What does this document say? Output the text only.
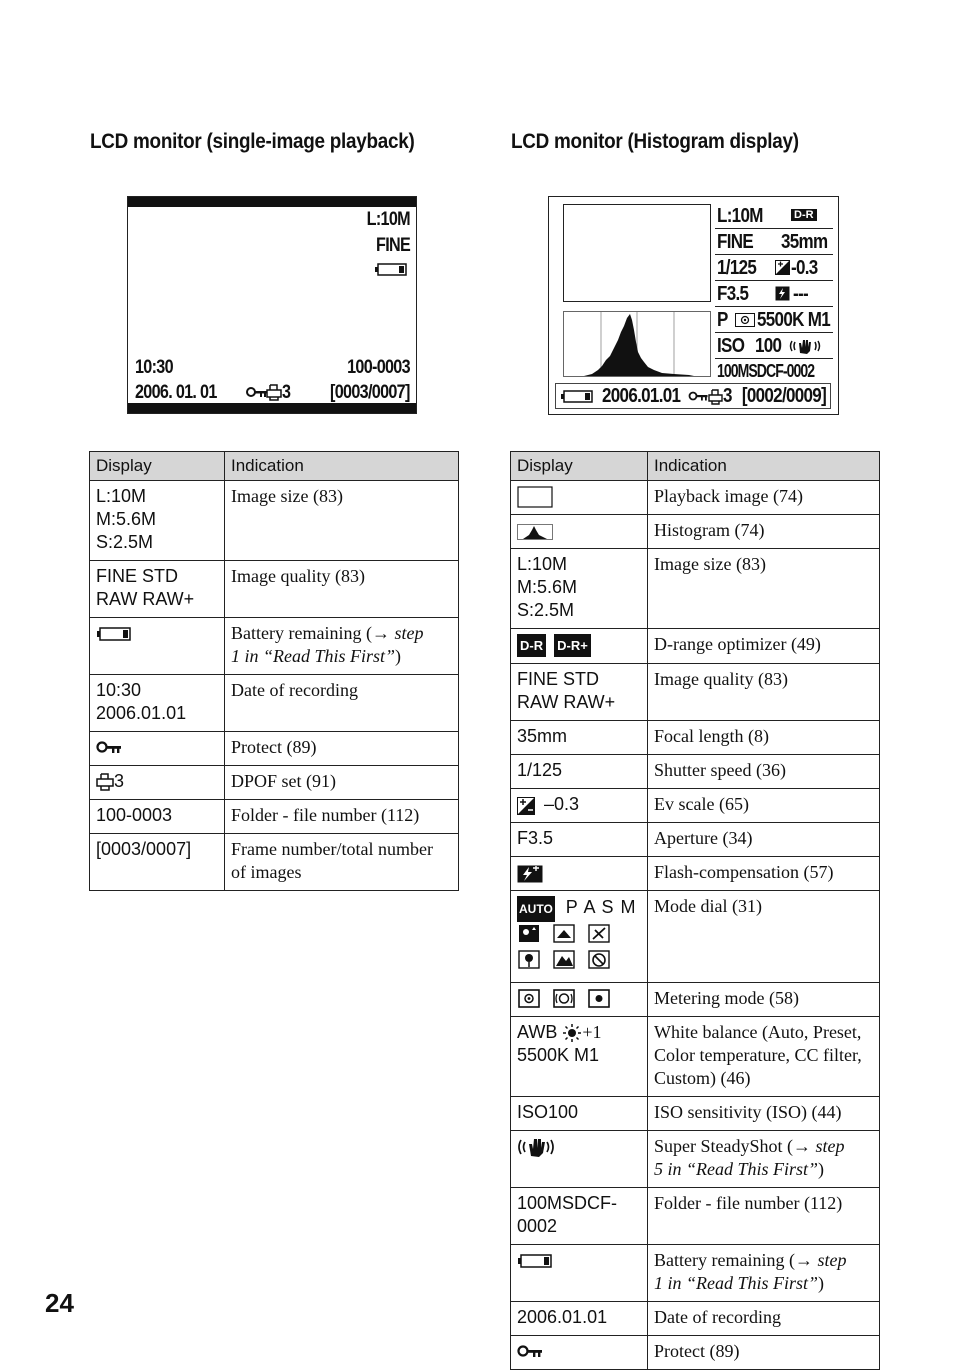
LCD monitor (single-image playback)	LCD monitor (Histogram display)
L:10M
FINE
10:30	100-0003
2006. 01. 01	3 [0003/0007]
L:10M	D-R
FINE 35mm
1/125 -0.3
F3.5 ---
P 5500K M1
ISO 100
100MSDCF-0002
2006.01.01 3 [0002/0009]
Display	Indication
L:10M
M:5.6M
S:2.5M	Image size (83)
FINE STD
RAW RAW+	Image quality (83)
	Battery remaining (→ step
1 in “Read This First”)
10:30
2006.01.01	Date of recording
	Protect (89)
3	DPOF set (91)
100-0003	Folder - file number (112)
[0003/0007]	Frame number/total number of images
Display	Indication
	Playback image (74)
	Histogram (74)
L:10M
M:5.6M
S:2.5M	Image size (83)
D-R D-R+	D-range optimizer (49)
FINE STD
RAW RAW+	Image quality (83)
35mm	Focal length (8)
1/125	Shutter speed (36)
–0.3	Ev scale (65)
F3.5	Aperture (34)
	Flash-compensation (57)

AUTO P A S M	Mode dial (31)
	Metering mode (58)
AWB +1
5500K M1	White balance (Auto, Preset, Color temperature, CC filter, Custom) (46)
ISO100	ISO sensitivity (ISO) (44)
	Super SteadyShot (→ step
5 in “Read This First”)
100MSDCF-
0002	Folder - file number (112)
	Battery remaining (→ step
1 in “Read This First”)
2006.01.01	Date of recording
	Protect (89)
24
